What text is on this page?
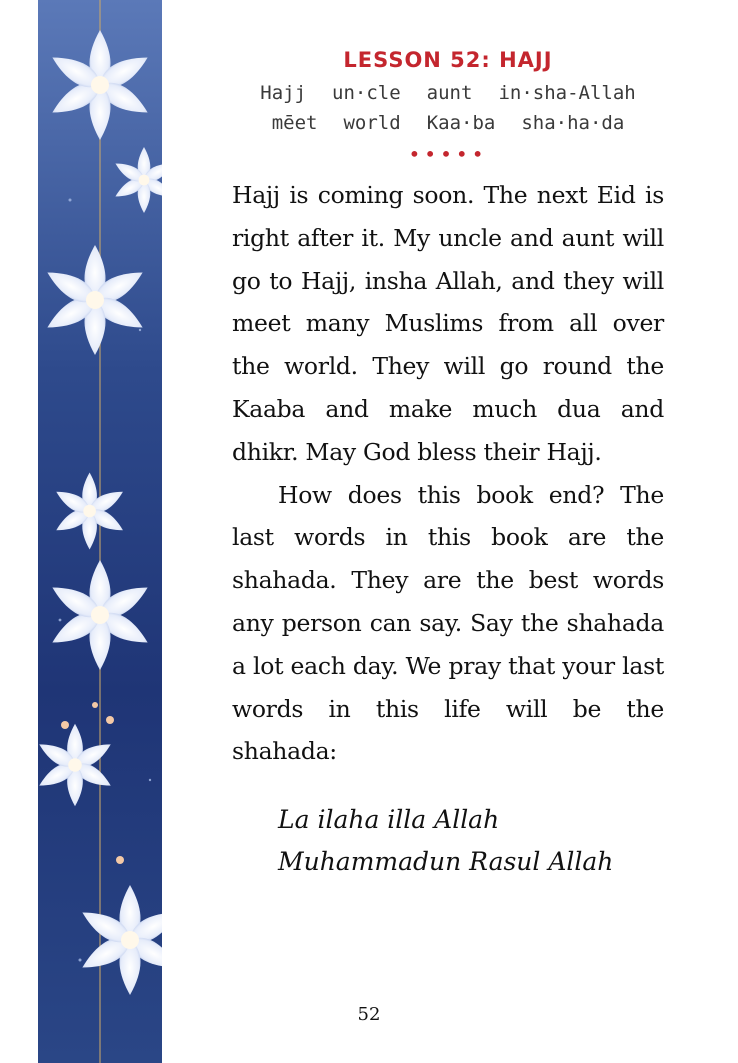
LESSON 52: HAJJ
Hajj un·cle aunt in·sha-Allah
mēet world Kaa·ba sha·ha·da
•••••

Hajj is coming soon. The next Eid is right after it. My uncle and aunt will go to Hajj, insha Allah, and they will meet many Muslims from all over the world. They will go round the Kaaba and make much dua and dhikr. May God bless their Hajj.

How does this book end? The last words in this book are the shahada. They are the best words any person can say. Say the shahada a lot each day. We pray that your last words in this life will be the shahada:

La ilaha illa Allah
Muhammadun Rasul Allah
52
